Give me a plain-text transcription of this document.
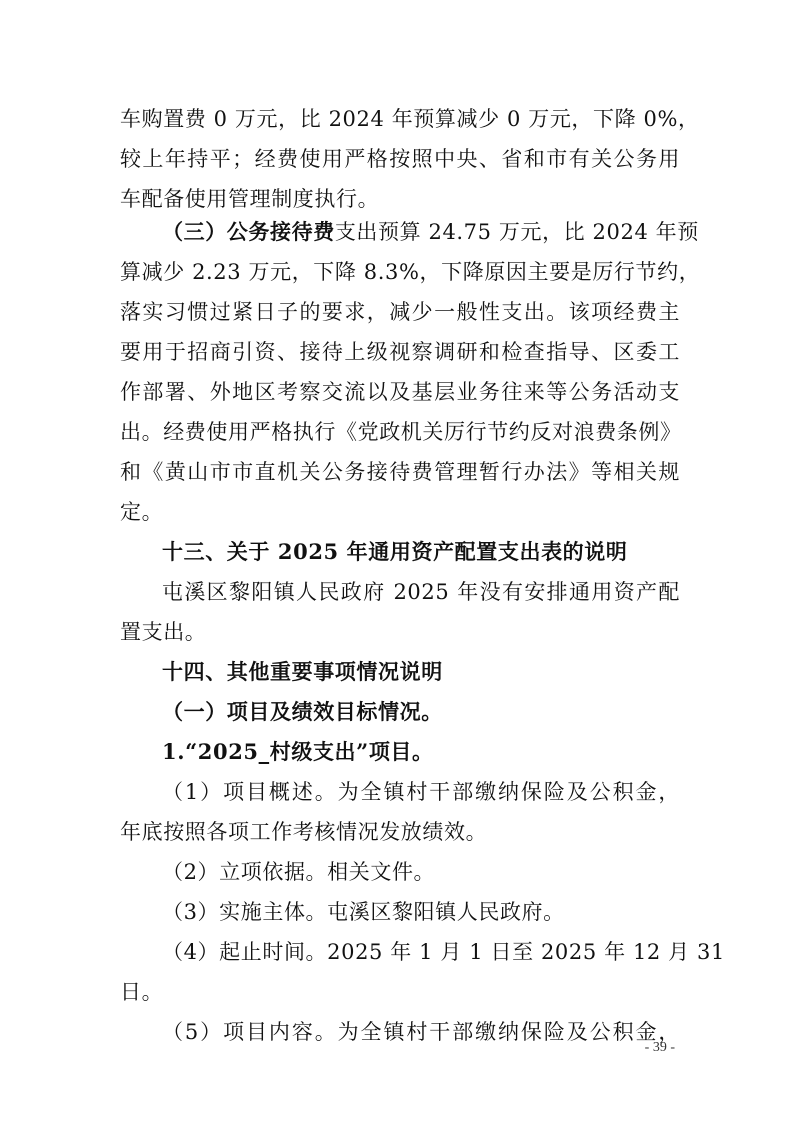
车购置费 0 万元，比 2024 年预算减少 0 万元，下降 0%，
较上年持平；经费使用严格按照中央、省和市有关公务用
车配备使用管理制度执行。
（三）公务接待费支出预算 24.75 万元，比 2024 年预
算减少 2.23 万元，下降 8.3%，下降原因主要是厉行节约，
落实习惯过紧日子的要求，减少一般性支出。该项经费主
要用于招商引资、接待上级视察调研和检查指导、区委工
作部署、外地区考察交流以及基层业务往来等公务活动支
出。经费使用严格执行《党政机关厉行节约反对浪费条例》
和《黄山市市直机关公务接待费管理暂行办法》等相关规
定。
十三、关于 2025 年通用资产配置支出表的说明
屯溪区黎阳镇人民政府 2025 年没有安排通用资产配
置支出。
十四、其他重要事项情况说明
（一）项目及绩效目标情况。
1.“2025_村级支出”项目。
（1）项目概述。为全镇村干部缴纳保险及公积金，
年底按照各项工作考核情况发放绩效。
（2）立项依据。相关文件。
（3）实施主体。屯溪区黎阳镇人民政府。
（4）起止时间。2025 年 1 月 1 日至 2025 年 12 月 31
日。
（5）项目内容。为全镇村干部缴纳保险及公积金，
- 39 -
